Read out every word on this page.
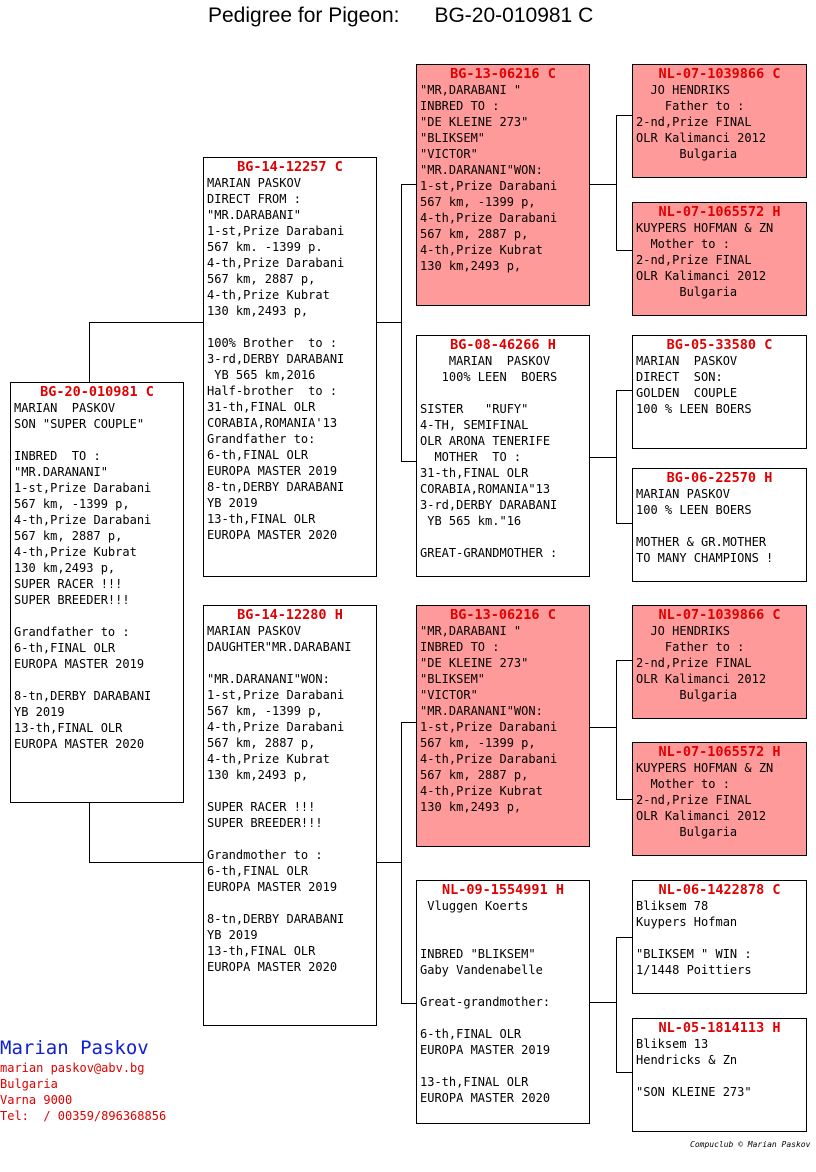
Pedigree for Pigeon:      BG-20-010981 C
BG-20-010981 C
MARIAN  PASKOV
SON "SUPER COUPLE"

INBRED  TO :
"MR.DARANANI"
1-st,Prize Darabani
567 km, -1399 p,
4-th,Prize Darabani
567 km, 2887 p,
4-th,Prize Kubrat
130 km,2493 p,
SUPER RACER !!!
SUPER BREEDER!!!

Grandfather to :
6-th,FINAL OLR
EUROPA MASTER 2019

8-tn,DERBY DARABANI
YB 2019
13-th,FINAL OLR
EUROPA MASTER 2020
BG-14-12257 C
MARIAN PASKOV
DIRECT FROM :
"MR.DARABANI"
1-st,Prize Darabani
567 km. -1399 p.
4-th,Prize Darabani
567 km, 2887 p,
4-th,Prize Kubrat
130 km,2493 p,

100% Brother  to :
3-rd,DERBY DARABANI
YB 565 km,2016
Half-brother  to :
31-th,FINAL OLR
CORABIA,ROMANIA'13
Grandfather to:
6-th,FINAL OLR
EUROPA MASTER 2019
8-tn,DERBY DARABANI
YB 2019
13-th,FINAL OLR
EUROPA MASTER 2020
BG-14-12280 H
MARIAN PASKOV
DAUGHTER"MR.DARABANI

"MR.DARANANI"WON:
1-st,Prize Darabani
567 km, -1399 p,
4-th,Prize Darabani
567 km, 2887 p,
4-th,Prize Kubrat
130 km,2493 p,

SUPER RACER !!!
SUPER BREEDER!!!

Grandmother to :
6-th,FINAL OLR
EUROPA MASTER 2019

8-tn,DERBY DARABANI
YB 2019
13-th,FINAL OLR
EUROPA MASTER 2020
BG-13-06216 C
"MR,DARABANI "
INBRED TO :
"DE KLEINE 273"
"BLIKSEM"
"VICTOR"
"MR.DARANANI"WON:
1-st,Prize Darabani
567 km, -1399 p,
4-th,Prize Darabani
567 km, 2887 p,
4-th,Prize Kubrat
130 km,2493 p,
BG-08-46266 H
MARIAN  PASKOV
100% LEEN  BOERS

SISTER   "RUFY"
4-TH, SEMIFINAL
OLR ARONA TENERIFE
MOTHER  TO :
31-th,FINAL OLR
CORABIA,ROMANIA"13
3-rd,DERBY DARABANI
YB 565 km."16

GREAT-GRANDMOTHER :
BG-13-06216 C
"MR,DARABANI "
INBRED TO :
"DE KLEINE 273"
"BLIKSEM"
"VICTOR"
"MR.DARANANI"WON:
1-st,Prize Darabani
567 km, -1399 p,
4-th,Prize Darabani
567 km, 2887 p,
4-th,Prize Kubrat
130 km,2493 p,
NL-09-1554991 H
Vluggen Koerts

INBRED "BLIKSEM"
Gaby Vandenabelle

Great-grandmother:

6-th,FINAL OLR
EUROPA MASTER 2019

13-th,FINAL OLR
EUROPA MASTER 2020
NL-07-1039866 C
JO HENDRIKS
Father to :
2-nd,Prize FINAL
OLR Kalimanci 2012
Bulgaria
NL-07-1065572 H
KUYPERS HOFMAN & ZN
Mother to :
2-nd,Prize FINAL
OLR Kalimanci 2012
Bulgaria
BG-05-33580 C
MARIAN  PASKOV
DIRECT  SON:
GOLDEN  COUPLE
100 % LEEN BOERS
BG-06-22570 H
MARIAN PASKOV
100 % LEEN BOERS

MOTHER & GR.MOTHER
TO MANY CHAMPIONS !
NL-07-1039866 C
JO HENDRIKS
Father to :
2-nd,Prize FINAL
OLR Kalimanci 2012
Bulgaria
NL-07-1065572 H
KUYPERS HOFMAN & ZN
Mother to :
2-nd,Prize FINAL
OLR Kalimanci 2012
Bulgaria
NL-06-1422878 C
Bliksem 78
Kuypers Hofman

"BLIKSEM " WIN :
1/1448 Poittiers
NL-05-1814113 H
Bliksem 13
Hendricks & Zn

"SON KLEINE 273"
Marian Paskov
marian paskov@abv.bg
Bulgaria
Varna 9000
Tel:  / 00359/896368856
Compuclub © Marian Paskov
